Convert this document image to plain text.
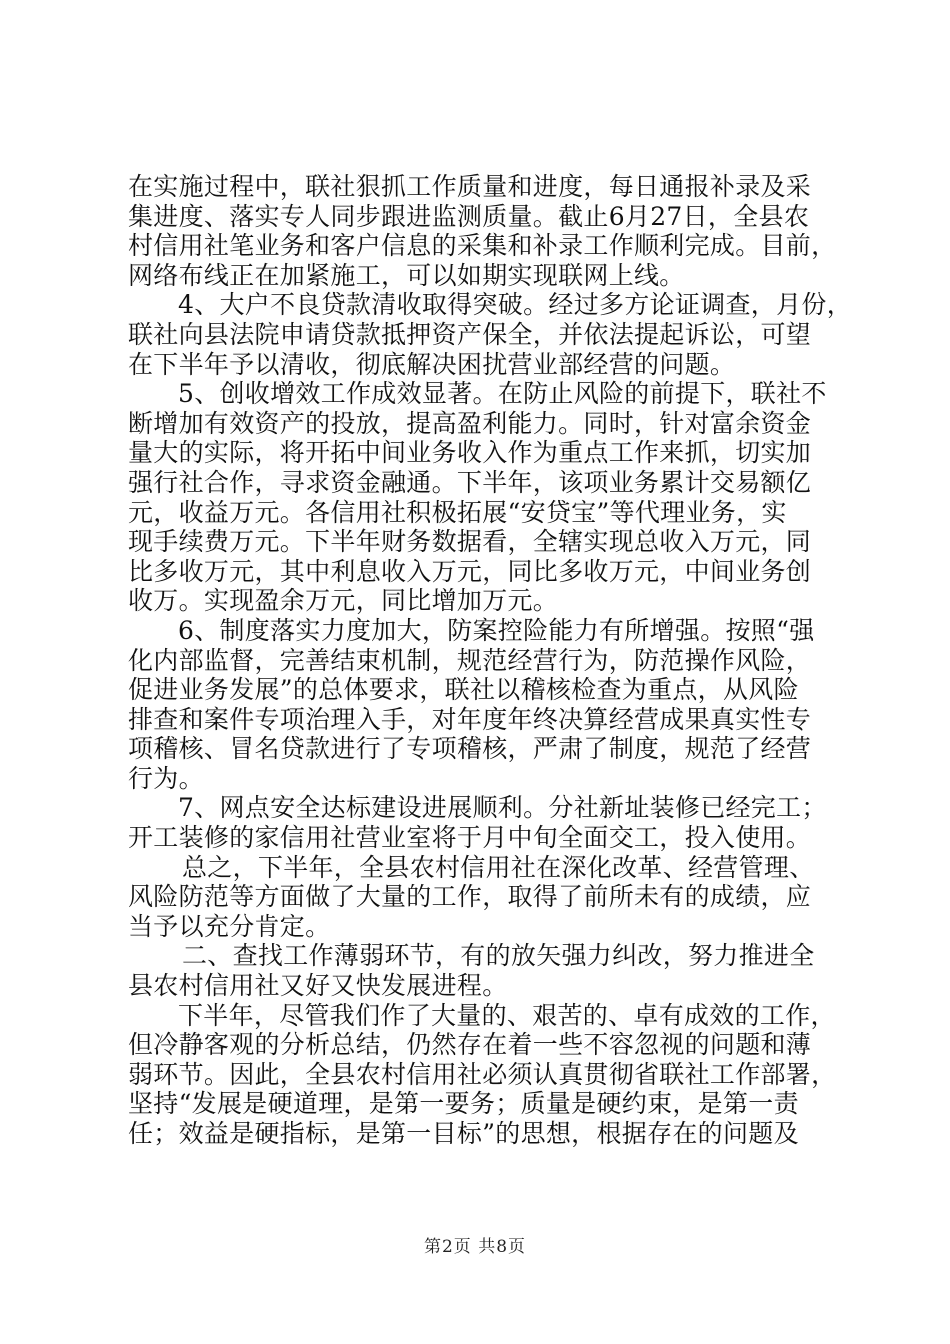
在实施过程中，联社狠抓工作质量和进度，每日通报补录及采
集进度、落实专人同步跟进监测质量。截止6月27日，全县农
村信用社笔业务和客户信息的采集和补录工作顺利完成。目前，
网络布线正在加紧施工，可以如期实现联网上线。
4、大户不良贷款清收取得突破。经过多方论证调查，月份，
联社向县法院申请贷款抵押资产保全，并依法提起诉讼，可望
在下半年予以清收，彻底解决困扰营业部经营的问题。
5、创收增效工作成效显著。在防止风险的前提下，联社不
断增加有效资产的投放，提高盈利能力。同时，针对富余资金
量大的实际，将开拓中间业务收入作为重点工作来抓，切实加
强行社合作，寻求资金融通。下半年，该项业务累计交易额亿
元，收益万元。各信用社积极拓展“安贷宝”等代理业务，实
现手续费万元。下半年财务数据看，全辖实现总收入万元，同
比多收万元，其中利息收入万元，同比多收万元，中间业务创
收万。实现盈余万元，同比增加万元。
6、制度落实力度加大，防案控险能力有所增强。按照“强
化内部监督，完善结束机制，规范经营行为，防范操作风险，
促进业务发展”的总体要求，联社以稽核检查为重点，从风险
排查和案件专项治理入手，对年度年终决算经营成果真实性专
项稽核、冒名贷款进行了专项稽核，严肃了制度，规范了经营
行为。
7、网点安全达标建设进展顺利。分社新址装修已经完工；
开工装修的家信用社营业室将于月中旬全面交工，投入使用。
总之，下半年，全县农村信用社在深化改革、经营管理、
风险防范等方面做了大量的工作，取得了前所未有的成绩，应
当予以充分肯定。
二、查找工作薄弱环节，有的放矢强力纠改，努力推进全
县农村信用社又好又快发展进程。
下半年，尽管我们作了大量的、艰苦的、卓有成效的工作，
但冷静客观的分析总结，仍然存在着一些不容忽视的问题和薄
弱环节。因此，全县农村信用社必须认真贯彻省联社工作部署，
坚持“发展是硬道理，是第一要务；质量是硬约束，是第一责
任；效益是硬指标，是第一目标”的思想，根据存在的问题及
第2页 共8页
